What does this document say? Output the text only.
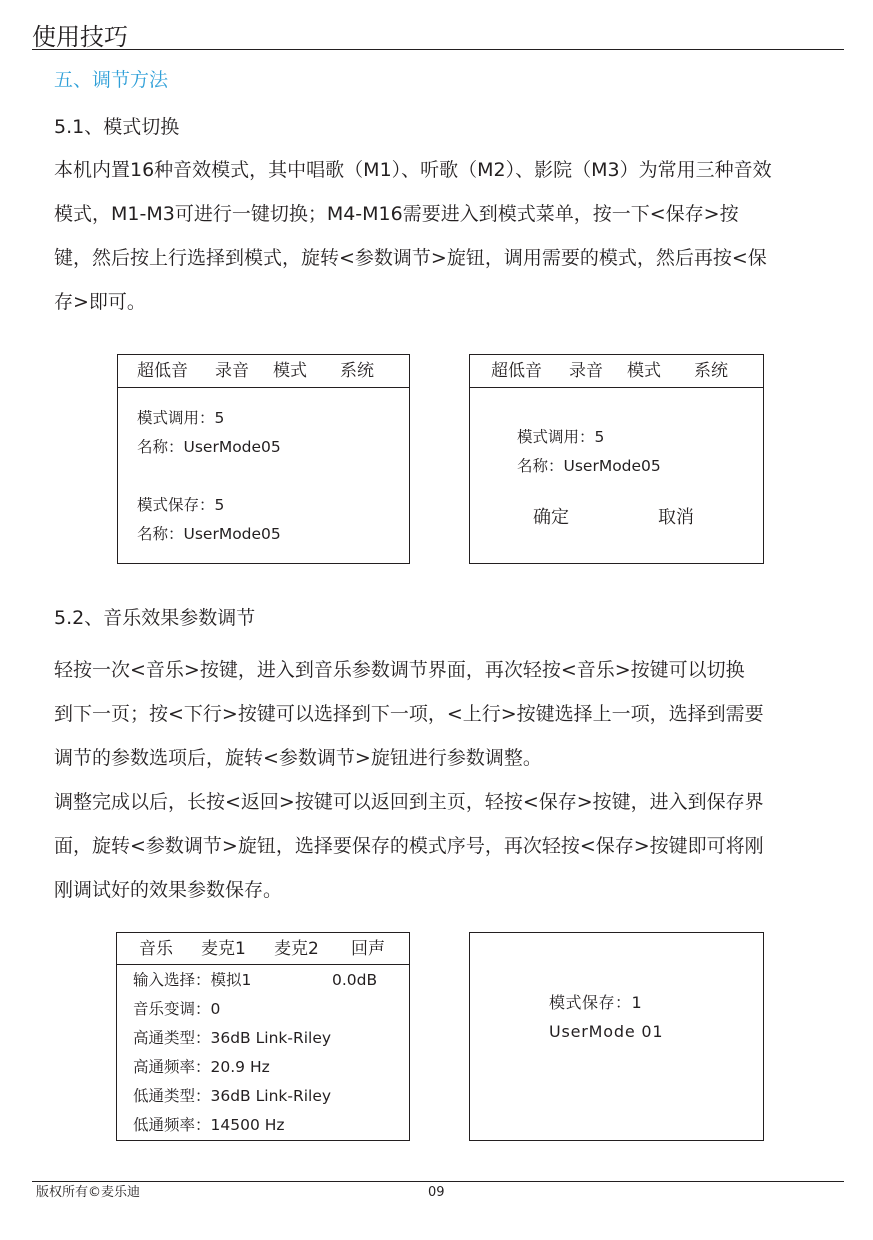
使用技巧
五、调节方法
5.1、模式切换
本机内置16种音效模式，其中唱歌（M1）、听歌（M2）、影院（M3）为常用三种音效
模式，M1-M3可进行一键切换；M4-M16需要进入到模式菜单，按一下<保存>按
键，然后按上行选择到模式，旋转<参数调节>旋钮，调用需要的模式，然后再按<保
存>即可。
超低音 录音 模式 系统
模式调用：5
名称：UserMode05
模式保存：5
名称：UserMode05
超低音 录音 模式 系统
模式调用：5
名称：UserMode05
确定	取消
5.2、音乐效果参数调节
轻按一次<音乐>按键，进入到音乐参数调节界面，再次轻按<音乐>按键可以切换
到下一页；按<下行>按键可以选择到下一项，<上行>按键选择上一项，选择到需要
调节的参数选项后，旋转<参数调节>旋钮进行参数调整。
调整完成以后，长按<返回>按键可以返回到主页，轻按<保存>按键，进入到保存界
面，旋转<参数调节>旋钮，选择要保存的模式序号，再次轻按<保存>按键即可将刚
刚调试好的效果参数保存。
音乐 麦克1 麦克2 回声
输入选择：模拟1	0.0dB
音乐变调：0
高通类型：36dB Link-Riley
高通频率：20.9 Hz
低通类型：36dB Link-Riley
低通频率：14500 Hz
模式保存：1
UserMode 01
版权所有©麦乐迪	09
